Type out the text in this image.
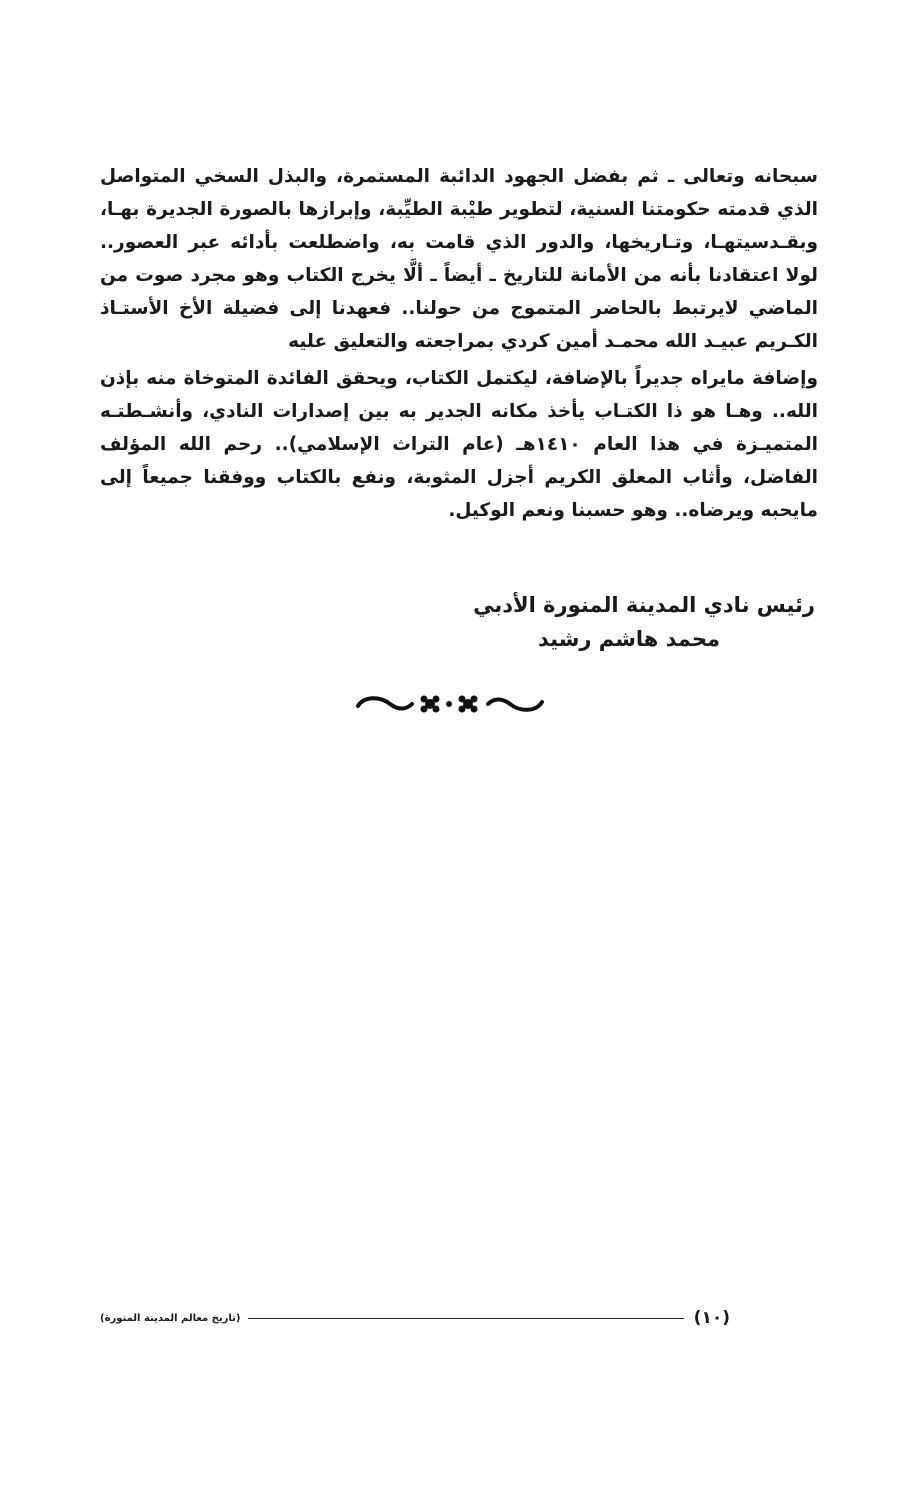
سبحانه وتعالى ـ ثم بفضل الجهود الدائبة المستمرة، والبذل السخي المتواصل الذي قدمته حكومتنا السنية، لتطوير طيْبة الطيِّبة، وإبرازها بالصورة الجديرة بهـا، وبقـدسيتهـا، وتـاريخها، والدور الذي قامت به، واضطلعت بأدائه عبر العصور.. لولا اعتقادنا بأنه من الأمانة للتاريخ ـ أيضاً ـ ألَّا يخرج الكتاب وهو مجرد صوت من الماضي لايرتبط بالحاضر المتموج من حولنا.. فعهدنا إلى فضيلة الأخ الأستـاذ الكـريم عبيـد الله محمـد أمين كردي بمراجعته والتعليق عليه

وإضافة مايراه جديراً بالإضافة، ليكتمل الكتاب، ويحقق الفائدة المتوخاة منه بإذن الله.. وهـا هو ذا الكتـاب يأخذ مكانه الجدير به بين إصدارات النادي، وأنشـطتـه المتميـزة في هذا العام ١٤١٠هـ (عام التراث الإسلامي).. رحم الله المؤلف الفاضل، وأثاب المعلق الكريم أجزل المثوبة، ونفع بالكتاب ووفقنا جميعاً إلى مايحبه ويرضاه.. وهو حسبنا ونعم الوكيل.

رئيس نادي المدينة المنورة الأدبي
محمد هاشم رشيد
(١٠)
(تاريخ معالم المدينة المنورة)
